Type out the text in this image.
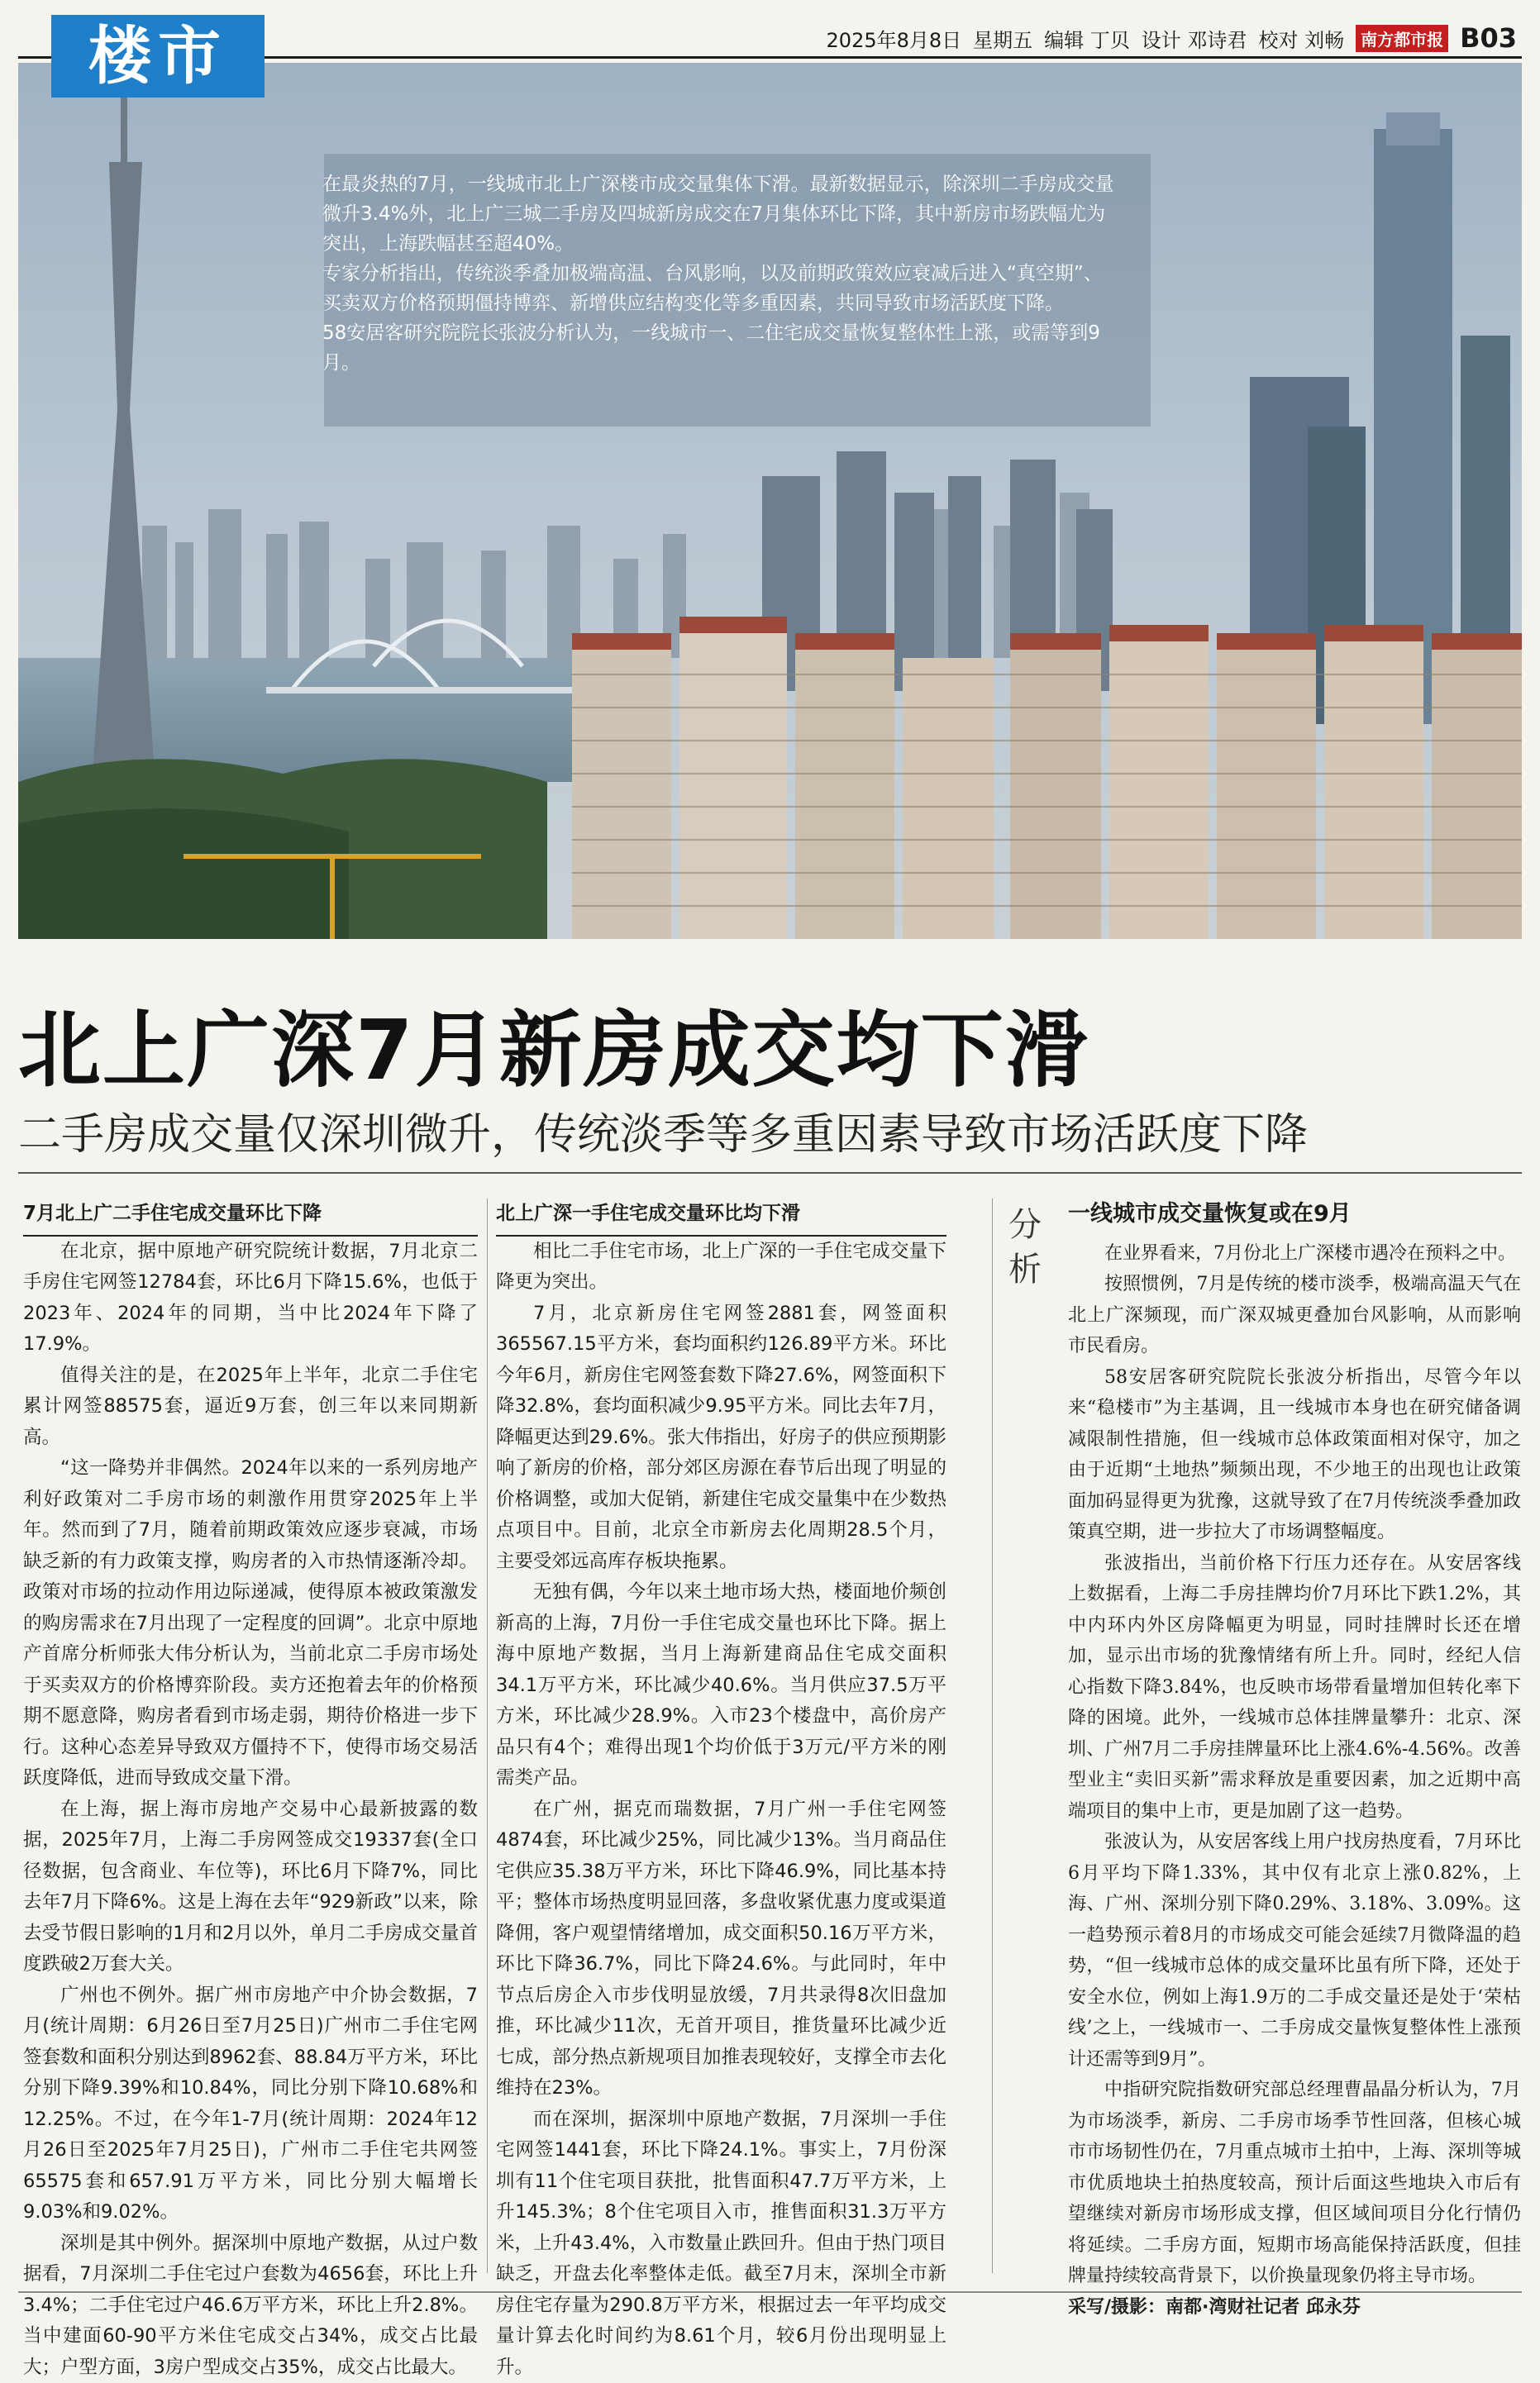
楼市	2025年8月8日 星期五 编辑 丁贝 设计 邓诗君 校对 刘畅	南方都市报 B03

在最炎热的7月，一线城市北上广深楼市成交量集体下滑。最新数据显示，除深圳二手房成交量微升3.4%外，北上广三城二手房及四城新房成交在7月集体环比下降，其中新房市场跌幅尤为突出，上海跌幅甚至超40%。

专家分析指出，传统淡季叠加极端高温、台风影响，以及前期政策效应衰减后进入“真空期”、买卖双方价格预期僵持博弈、新增供应结构变化等多重因素，共同导致市场活跃度下降。

58安居客研究院院长张波分析认为，一线城市一、二住宅成交量恢复整体性上涨，或需等到9月。

北上广深7月新房成交均下滑
二手房成交量仅深圳微升，传统淡季等多重因素导致市场活跃度下降

7月北上广二手住宅成交量环比下降

在北京，据中原地产研究院统计数据，7月北京二手房住宅网签12784套，环比6月下降15.6%，也低于2023年、2024年的同期，当中比2024年下降了17.9%。

值得关注的是，在2025年上半年，北京二手住宅累计网签88575套，逼近9万套，创三年以来同期新高。

“这一降势并非偶然。2024年以来的一系列房地产利好政策对二手房市场的刺激作用贯穿2025年上半年。然而到了7月，随着前期政策效应逐步衰减，市场缺乏新的有力政策支撑，购房者的入市热情逐渐冷却。政策对市场的拉动作用边际递减，使得原本被政策激发的购房需求在7月出现了一定程度的回调”。北京中原地产首席分析师张大伟分析认为，当前北京二手房市场处于买卖双方的价格博弈阶段。卖方还抱着去年的价格预期不愿意降，购房者看到市场走弱，期待价格进一步下行。这种心态差异导致双方僵持不下，使得市场交易活跃度降低，进而导致成交量下滑。

在上海，据上海市房地产交易中心最新披露的数据，2025年7月，上海二手房网签成交19337套(全口径数据，包含商业、车位等)，环比6月下降7%，同比去年7月下降6%。这是上海在去年“929新政”以来，除去受节假日影响的1月和2月以外，单月二手房成交量首度跌破2万套大关。

广州也不例外。据广州市房地产中介协会数据，7月(统计周期：6月26日至7月25日)广州市二手住宅网签套数和面积分别达到8962套、88.84万平方米，环比分别下降9.39%和10.84%，同比分别下降10.68%和12.25%。不过，在今年1-7月(统计周期：2024年12月26日至2025年7月25日)，广州市二手住宅共网签65575套和657.91万平方米，同比分别大幅增长9.03%和9.02%。

深圳是其中例外。据深圳中原地产数据，从过户数据看，7月深圳二手住宅过户套数为4656套，环比上升3.4%；二手住宅过户46.6万平方米，环比上升2.8%。当中建面60-90平方米住宅成交占34%，成交占比最大；户型方面，3房户型成交占35%，成交占比最大。

北上广深一手住宅成交量环比均下滑

相比二手住宅市场，北上广深的一手住宅成交量下降更为突出。

7月，北京新房住宅网签2881套，网签面积365567.15平方米，套均面积约126.89平方米。环比今年6月，新房住宅网签套数下降27.6%，网签面积下降32.8%，套均面积减少9.95平方米。同比去年7月，降幅更达到29.6%。张大伟指出，好房子的供应预期影响了新房的价格，部分郊区房源在春节后出现了明显的价格调整，或加大促销，新建住宅成交量集中在少数热点项目中。目前，北京全市新房去化周期28.5个月，主要受郊远高库存板块拖累。

无独有偶，今年以来土地市场大热，楼面地价频创新高的上海，7月份一手住宅成交量也环比下降。据上海中原地产数据，当月上海新建商品住宅成交面积34.1万平方米，环比减少40.6%。当月供应37.5万平方米，环比减少28.9%。入市23个楼盘中，高价房产品只有4个；难得出现1个均价低于3万元/平方米的刚需类产品。

在广州，据克而瑞数据，7月广州一手住宅网签4874套，环比减少25%，同比减少13%。当月商品住宅供应35.38万平方米，环比下降46.9%，同比基本持平；整体市场热度明显回落，多盘收紧优惠力度或渠道降佣，客户观望情绪增加，成交面积50.16万平方米，环比下降36.7%，同比下降24.6%。与此同时，年中节点后房企入市步伐明显放缓，7月共录得8次旧盘加推，环比减少11次，无首开项目，推货量环比减少近七成，部分热点新规项目加推表现较好，支撑全市去化维持在23%。

而在深圳，据深圳中原地产数据，7月深圳一手住宅网签1441套，环比下降24.1%。事实上，7月份深圳有11个住宅项目获批，批售面积47.7万平方米，上升145.3%；8个住宅项目入市，推售面积31.3万平方米，上升43.4%，入市数量止跌回升。但由于热门项目缺乏，开盘去化率整体走低。截至7月末，深圳全市新房住宅存量为290.8万平方米，根据过去一年平均成交量计算去化时间约为8.61个月，较6月份出现明显上升。

分析

一线城市成交量恢复或在9月

在业界看来，7月份北上广深楼市遇冷在预料之中。

按照惯例，7月是传统的楼市淡季，极端高温天气在北上广深频现，而广深双城更叠加台风影响，从而影响市民看房。

58安居客研究院院长张波分析指出，尽管今年以来“稳楼市”为主基调，且一线城市本身也在研究储备调减限制性措施，但一线城市总体政策面相对保守，加之由于近期“土地热”频频出现，不少地王的出现也让政策面加码显得更为犹豫，这就导致了在7月传统淡季叠加政策真空期，进一步拉大了市场调整幅度。

张波指出，当前价格下行压力还存在。从安居客线上数据看，上海二手房挂牌均价7月环比下跌1.2%，其中内环内外区房降幅更为明显，同时挂牌时长还在增加，显示出市场的犹豫情绪有所上升。同时，经纪人信心指数下降3.84%，也反映市场带看量增加但转化率下降的困境。此外，一线城市总体挂牌量攀升：北京、深圳、广州7月二手房挂牌量环比上涨4.6%-4.56%。改善型业主“卖旧买新”需求释放是重要因素，加之近期中高端项目的集中上市，更是加剧了这一趋势。

张波认为，从安居客线上用户找房热度看，7月环比6月平均下降1.33%，其中仅有北京上涨0.82%，上海、广州、深圳分别下降0.29%、3.18%、3.09%。这一趋势预示着8月的市场成交可能会延续7月微降温的趋势，“但一线城市总体的成交量环比虽有所下降，还处于安全水位，例如上海1.9万的二手成交量还是处于‘荣枯线’之上，一线城市一、二手房成交量恢复整体性上涨预计还需等到9月”。

中指研究院指数研究部总经理曹晶晶分析认为，7月为市场淡季，新房、二手房市场季节性回落，但核心城市市场韧性仍在，7月重点城市土拍中，上海、深圳等城市优质地块土拍热度较高，预计后面这些地块入市后有望继续对新房市场形成支撑，但区域间项目分化行情仍将延续。二手房方面，短期市场高能保持活跃度，但挂牌量持续较高背景下，以价换量现象仍将主导市场。

采写/摄影：南都·湾财社记者 邱永芬
